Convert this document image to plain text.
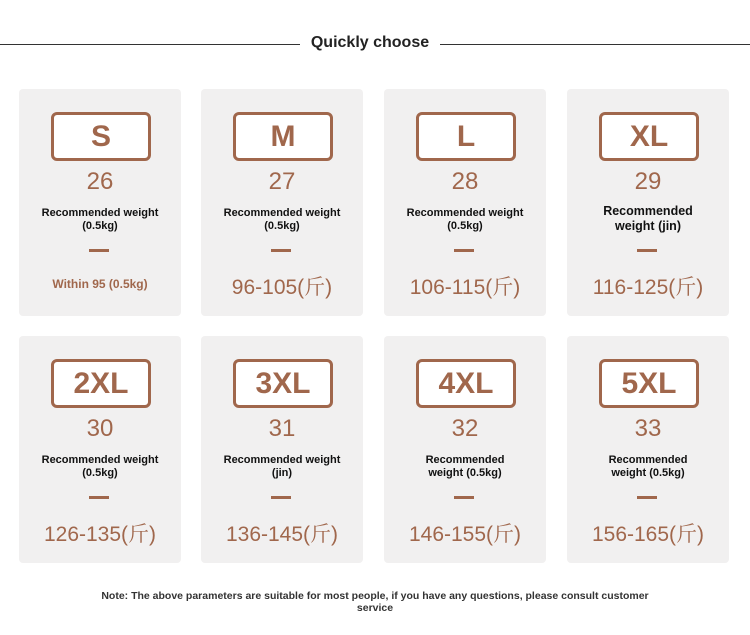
Quickly choose
S
26
Recommended weight
(0.5kg)
Within 95 (0.5kg)
M
27
Recommended weight
(0.5kg)
96-105(斤)
L
28
Recommended weight
(0.5kg)
106-115(斤)
XL
29
Recommended
weight (jin)
116-125(斤)
2XL
30
Recommended weight
(0.5kg)
126-135(斤)
3XL
31
Recommended weight
(jin)
136-145(斤)
4XL
32
Recommended
weight (0.5kg)
146-155(斤)
5XL
33
Recommended
weight (0.5kg)
156-165(斤)
Note: The above parameters are suitable for most people, if you have any questions, please consult customer service
